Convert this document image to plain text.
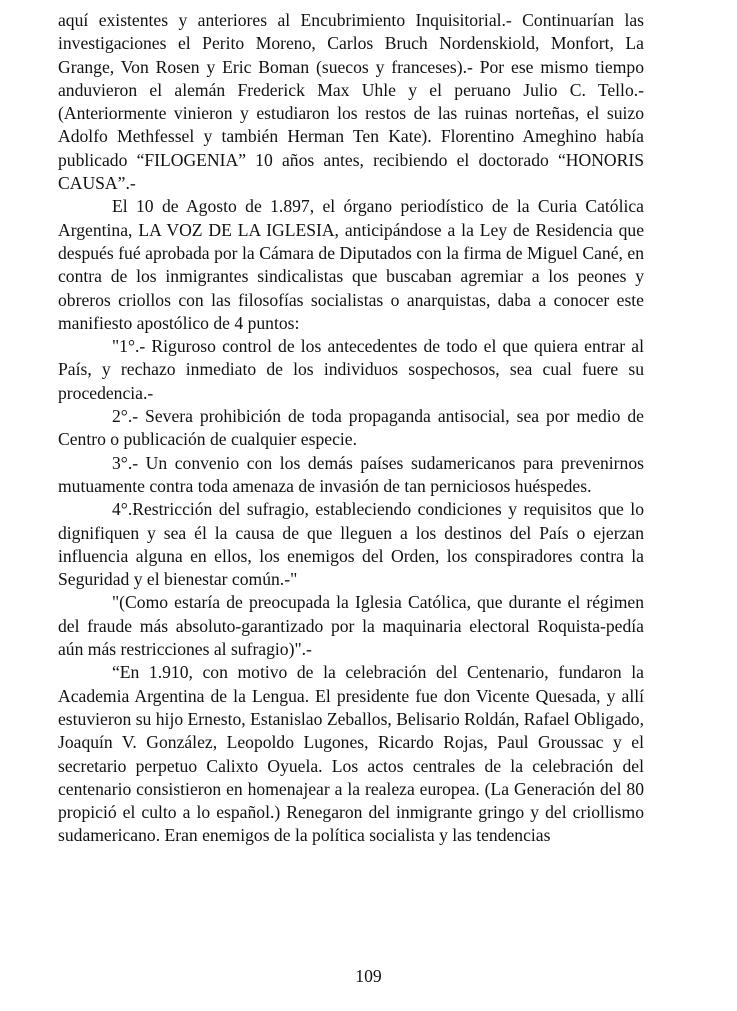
aquí existentes y anteriores al Encubrimiento Inquisitorial.- Continuarían las investigaciones el Perito Moreno, Carlos Bruch Nordenskiold, Monfort, La Grange, Von Rosen y Eric Boman (suecos y franceses).- Por ese mismo tiempo anduvieron el alemán Frederick Max Uhle y el peruano Julio C. Tello.- (Anteriormente vinieron y estudiaron los restos de las ruinas norteñas, el suizo Adolfo Methfessel y también Herman Ten Kate). Florentino Ameghino había publicado “FILOGENIA” 10 años antes, recibiendo el doctorado “HONORIS CAUSA”.-

El 10 de Agosto de 1.897, el órgano periodístico de la Curia Católica Argentina, LA VOZ DE LA IGLESIA, anticipándose a la Ley de Residencia que después fué aprobada por la Cámara de Diputados con la firma de Miguel Cané, en contra de los inmigrantes sindicalistas que buscaban agremiar a los peones y obreros criollos con las filosofías socialistas o anarquistas, daba a conocer este manifiesto apostólico de 4 puntos:

"1°.- Riguroso control de los antecedentes de todo el que quiera entrar al País, y rechazo inmediato de los individuos sospechosos, sea cual fuere su procedencia.-

2°.- Severa prohibición de toda propaganda antisocial, sea por medio de Centro o publicación de cualquier especie.

3°.- Un convenio con los demás países sudamericanos para prevenirnos mutuamente contra toda amenaza de invasión de tan perniciosos huéspedes.

4°.Restricción del sufragio, estableciendo condiciones y requisitos que lo dignifiquen y sea él la causa de que lleguen a los destinos del País o ejerzan influencia alguna en ellos, los enemigos del Orden, los conspiradores contra la Seguridad y el bienestar común.-"

"(Como estaría de preocupada la Iglesia Católica, que durante el régimen del fraude más absoluto-garantizado por la maquinaria electoral Roquista-pedía aún más restricciones al sufragio)".-

“En 1.910, con motivo de la celebración del Centenario, fundaron la Academia Argentina de la Lengua. El presidente fue don Vicente Quesada, y allí estuvieron su hijo Ernesto, Estanislao Zeballos, Belisario Roldán, Rafael Obligado, Joaquín V. González, Leopoldo Lugones, Ricardo Rojas, Paul Groussac y el secretario perpetuo Calixto Oyuela. Los actos centrales de la celebración del centenario consistieron en homenajear a la realeza europea. (La Generación del 80 propició el culto a lo español.) Renegaron del inmigrante gringo y del criollismo sudamericano. Eran enemigos de la política socialista y las tendencias

109
